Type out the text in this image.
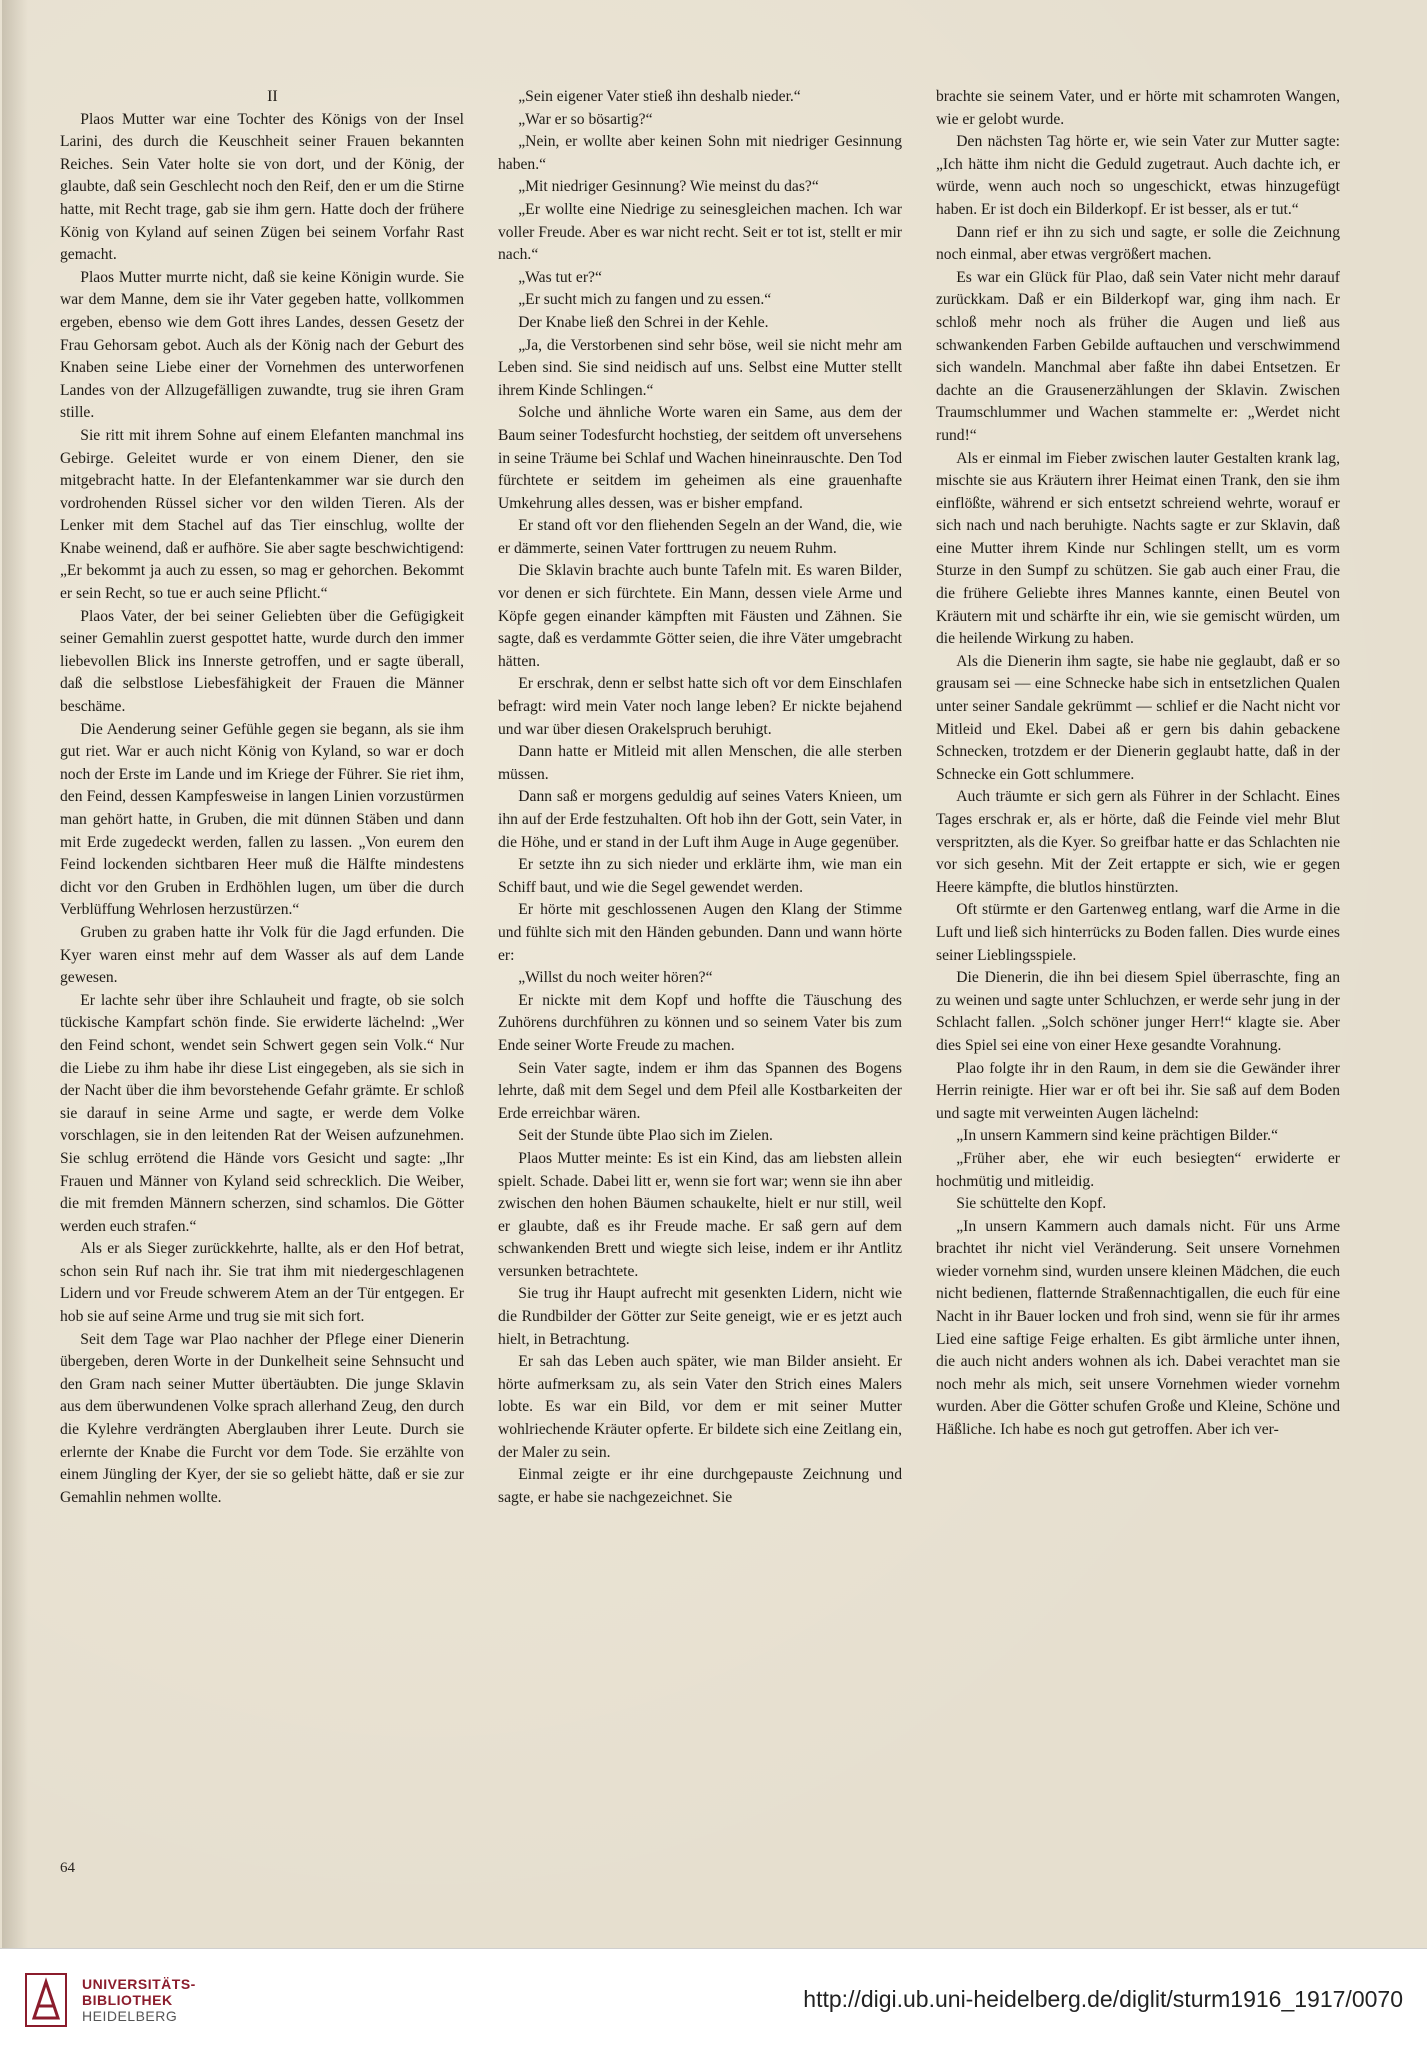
II

Plaos Mutter war eine Tochter des Königs von der Insel Larini, des durch die Keuschheit seiner Frauen bekannten Reiches. Sein Vater holte sie von dort, und der König, der glaubte, daß sein Geschlecht noch den Reif, den er um die Stirne hatte, mit Recht trage, gab sie ihm gern. Hatte doch der frühere König von Kyland auf seinen Zügen bei seinem Vorfahr Rast gemacht.

Plaos Mutter murrte nicht, daß sie keine Königin wurde. Sie war dem Manne, dem sie ihr Vater gegeben hatte, vollkommen ergeben, ebenso wie dem Gott ihres Landes, dessen Gesetz der Frau Gehorsam gebot. Auch als der König nach der Geburt des Knaben seine Liebe einer der Vornehmen des unterworfenen Landes von der Allzugefälligen zuwandte, trug sie ihren Gram stille.

Sie ritt mit ihrem Sohne auf einem Elefanten manchmal ins Gebirge. Geleitet wurde er von einem Diener, den sie mitgebracht hatte. In der Elefantenkammer war sie durch den vordrohenden Rüssel sicher vor den wilden Tieren. Als der Lenker mit dem Stachel auf das Tier einschlug, wollte der Knabe weinend, daß er aufhöre. Sie aber sagte beschwichtigend: „Er bekommt ja auch zu essen, so mag er gehorchen. Bekommt er sein Recht, so tue er auch seine Pflicht.“

Plaos Vater, der bei seiner Geliebten über die Gefügigkeit seiner Gemahlin zuerst gespottet hatte, wurde durch den immer liebevollen Blick ins Innerste getroffen, und er sagte überall, daß die selbstlose Liebesfähigkeit der Frauen die Männer beschäme.

Die Aenderung seiner Gefühle gegen sie begann, als sie ihm gut riet. War er auch nicht König von Kyland, so war er doch noch der Erste im Lande und im Kriege der Führer. Sie riet ihm, den Feind, dessen Kampfesweise in langen Linien vorzustürmen man gehört hatte, in Gruben, die mit dünnen Stäben und dann mit Erde zugedeckt werden, fallen zu lassen. „Von eurem den Feind lockenden sichtbaren Heer muß die Hälfte mindestens dicht vor den Gruben in Erdhöhlen lugen, um über die durch Verblüffung Wehrlosen herzustürzen.“

Gruben zu graben hatte ihr Volk für die Jagd erfunden. Die Kyer waren einst mehr auf dem Wasser als auf dem Lande gewesen.

Er lachte sehr über ihre Schlauheit und fragte, ob sie solch tückische Kampfart schön finde. Sie erwiderte lächelnd: „Wer den Feind schont, wendet sein Schwert gegen sein Volk.“ Nur die Liebe zu ihm habe ihr diese List eingegeben, als sie sich in der Nacht über die ihm bevorstehende Gefahr grämte. Er schloß sie darauf in seine Arme und sagte, er werde dem Volke vorschlagen, sie in den leitenden Rat der Weisen aufzunehmen. Sie schlug errötend die Hände vors Gesicht und sagte: „Ihr Frauen und Männer von Kyland seid schrecklich. Die Weiber, die mit fremden Männern scherzen, sind schamlos. Die Götter werden euch strafen.“

Als er als Sieger zurückkehrte, hallte, als er den Hof betrat, schon sein Ruf nach ihr. Sie trat ihm mit niedergeschlagenen Lidern und vor Freude schwerem Atem an der Tür entgegen. Er hob sie auf seine Arme und trug sie mit sich fort.

Seit dem Tage war Plao nachher der Pflege einer Dienerin übergeben, deren Worte in der Dunkelheit seine Sehnsucht und den Gram nach seiner Mutter übertäubten. Die junge Sklavin aus dem überwundenen Volke sprach allerhand Zeug, den durch die Kylehre verdrängten Aberglauben ihrer Leute. Durch sie erlernte der Knabe die Furcht vor dem Tode. Sie erzählte von einem Jüngling der Kyer, der sie so geliebt hätte, daß er sie zur Gemahlin nehmen wollte.

„Sein eigener Vater stieß ihn deshalb nieder.“

„War er so bösartig?“

„Nein, er wollte aber keinen Sohn mit niedriger Gesinnung haben.“

„Mit niedriger Gesinnung? Wie meinst du das?“

„Er wollte eine Niedrige zu seinesgleichen machen. Ich war voller Freude. Aber es war nicht recht. Seit er tot ist, stellt er mir nach.“

„Was tut er?“

„Er sucht mich zu fangen und zu essen.“

Der Knabe ließ den Schrei in der Kehle.

„Ja, die Verstorbenen sind sehr böse, weil sie nicht mehr am Leben sind. Sie sind neidisch auf uns. Selbst eine Mutter stellt ihrem Kinde Schlingen.“

Solche und ähnliche Worte waren ein Same, aus dem der Baum seiner Todesfurcht hochstieg, der seitdem oft unversehens in seine Träume bei Schlaf und Wachen hineinrauschte. Den Tod fürchtete er seitdem im geheimen als eine grauenhafte Umkehrung alles dessen, was er bisher empfand.

Er stand oft vor den fliehenden Segeln an der Wand, die, wie er dämmerte, seinen Vater forttrugen zu neuem Ruhm.

Die Sklavin brachte auch bunte Tafeln mit. Es waren Bilder, vor denen er sich fürchtete. Ein Mann, dessen viele Arme und Köpfe gegen einander kämpften mit Fäusten und Zähnen. Sie sagte, daß es verdammte Götter seien, die ihre Väter umgebracht hätten.

Er erschrak, denn er selbst hatte sich oft vor dem Einschlafen befragt: wird mein Vater noch lange leben? Er nickte bejahend und war über diesen Orakelspruch beruhigt.

Dann hatte er Mitleid mit allen Menschen, die alle sterben müssen.

Dann saß er morgens geduldig auf seines Vaters Knieen, um ihn auf der Erde festzuhalten. Oft hob ihn der Gott, sein Vater, in die Höhe, und er stand in der Luft ihm Auge in Auge gegenüber.

Er setzte ihn zu sich nieder und erklärte ihm, wie man ein Schiff baut, und wie die Segel gewendet werden.

Er hörte mit geschlossenen Augen den Klang der Stimme und fühlte sich mit den Händen gebunden. Dann und wann hörte er:

„Willst du noch weiter hören?“

Er nickte mit dem Kopf und hoffte die Täuschung des Zuhörens durchführen zu können und so seinem Vater bis zum Ende seiner Worte Freude zu machen.

Sein Vater sagte, indem er ihm das Spannen des Bogens lehrte, daß mit dem Segel und dem Pfeil alle Kostbarkeiten der Erde erreichbar wären.

Seit der Stunde übte Plao sich im Zielen.

Plaos Mutter meinte: Es ist ein Kind, das am liebsten allein spielt. Schade. Dabei litt er, wenn sie fort war; wenn sie ihn aber zwischen den hohen Bäumen schaukelte, hielt er nur still, weil er glaubte, daß es ihr Freude mache. Er saß gern auf dem schwankenden Brett und wiegte sich leise, indem er ihr Antlitz versunken betrachtete.

Sie trug ihr Haupt aufrecht mit gesenkten Lidern, nicht wie die Rundbilder der Götter zur Seite geneigt, wie er es jetzt auch hielt, in Betrachtung.

Er sah das Leben auch später, wie man Bilder ansieht. Er hörte aufmerksam zu, als sein Vater den Strich eines Malers lobte. Es war ein Bild, vor dem er mit seiner Mutter wohlriechende Kräuter opferte. Er bildete sich eine Zeitlang ein, der Maler zu sein.

Einmal zeigte er ihr eine durchgepauste Zeichnung und sagte, er habe sie nachgezeichnet. Sie

brachte sie seinem Vater, und er hörte mit schamroten Wangen, wie er gelobt wurde.

Den nächsten Tag hörte er, wie sein Vater zur Mutter sagte: „Ich hätte ihm nicht die Geduld zugetraut. Auch dachte ich, er würde, wenn auch noch so ungeschickt, etwas hinzugefügt haben. Er ist doch ein Bilderkopf. Er ist besser, als er tut.“

Dann rief er ihn zu sich und sagte, er solle die Zeichnung noch einmal, aber etwas vergrößert machen.

Es war ein Glück für Plao, daß sein Vater nicht mehr darauf zurückkam. Daß er ein Bilderkopf war, ging ihm nach. Er schloß mehr noch als früher die Augen und ließ aus schwankenden Farben Gebilde auftauchen und verschwimmend sich wandeln. Manchmal aber faßte ihn dabei Entsetzen. Er dachte an die Grausenerzählungen der Sklavin. Zwischen Traumschlummer und Wachen stammelte er: „Werdet nicht rund!“

Als er einmal im Fieber zwischen lauter Gestalten krank lag, mischte sie aus Kräutern ihrer Heimat einen Trank, den sie ihm einflößte, während er sich entsetzt schreiend wehrte, worauf er sich nach und nach beruhigte. Nachts sagte er zur Sklavin, daß eine Mutter ihrem Kinde nur Schlingen stellt, um es vorm Sturze in den Sumpf zu schützen. Sie gab auch einer Frau, die die frühere Geliebte ihres Mannes kannte, einen Beutel von Kräutern mit und schärfte ihr ein, wie sie gemischt würden, um die heilende Wirkung zu haben.

Als die Dienerin ihm sagte, sie habe nie geglaubt, daß er so grausam sei — eine Schnecke habe sich in entsetzlichen Qualen unter seiner Sandale gekrümmt — schlief er die Nacht nicht vor Mitleid und Ekel. Dabei aß er gern bis dahin gebackene Schnecken, trotzdem er der Dienerin geglaubt hatte, daß in der Schnecke ein Gott schlummere.

Auch träumte er sich gern als Führer in der Schlacht. Eines Tages erschrak er, als er hörte, daß die Feinde viel mehr Blut verspritzten, als die Kyer. So greifbar hatte er das Schlachten nie vor sich gesehn. Mit der Zeit ertappte er sich, wie er gegen Heere kämpfte, die blutlos hinstürzten.

Oft stürmte er den Gartenweg entlang, warf die Arme in die Luft und ließ sich hinterrücks zu Boden fallen. Dies wurde eines seiner Lieblingsspiele.

Die Dienerin, die ihn bei diesem Spiel überraschte, fing an zu weinen und sagte unter Schluchzen, er werde sehr jung in der Schlacht fallen. „Solch schöner junger Herr!“ klagte sie. Aber dies Spiel sei eine von einer Hexe gesandte Vorahnung.

Plao folgte ihr in den Raum, in dem sie die Gewänder ihrer Herrin reinigte. Hier war er oft bei ihr. Sie saß auf dem Boden und sagte mit verweinten Augen lächelnd:

„In unsern Kammern sind keine prächtigen Bilder.“

„Früher aber, ehe wir euch besiegten“ erwiderte er hochmütig und mitleidig.

Sie schüttelte den Kopf.

„In unsern Kammern auch damals nicht. Für uns Arme brachtet ihr nicht viel Veränderung. Seit unsere Vornehmen wieder vornehm sind, wurden unsere kleinen Mädchen, die euch nicht bedienen, flatternde Straßennachtigallen, die euch für eine Nacht in ihr Bauer locken und froh sind, wenn sie für ihr armes Lied eine saftige Feige erhalten. Es gibt ärmliche unter ihnen, die auch nicht anders wohnen als ich. Dabei verachtet man sie noch mehr als mich, seit unsere Vornehmen wieder vornehm wurden. Aber die Götter schufen Große und Kleine, Schöne und Häßliche. Ich habe es noch gut getroffen. Aber ich ver-

64
UNIVERSITÄTS-
BIBLIOTHEK
HEIDELBERG
http://digi.ub.uni-heidelberg.de/diglit/sturm1916_1917/0070
